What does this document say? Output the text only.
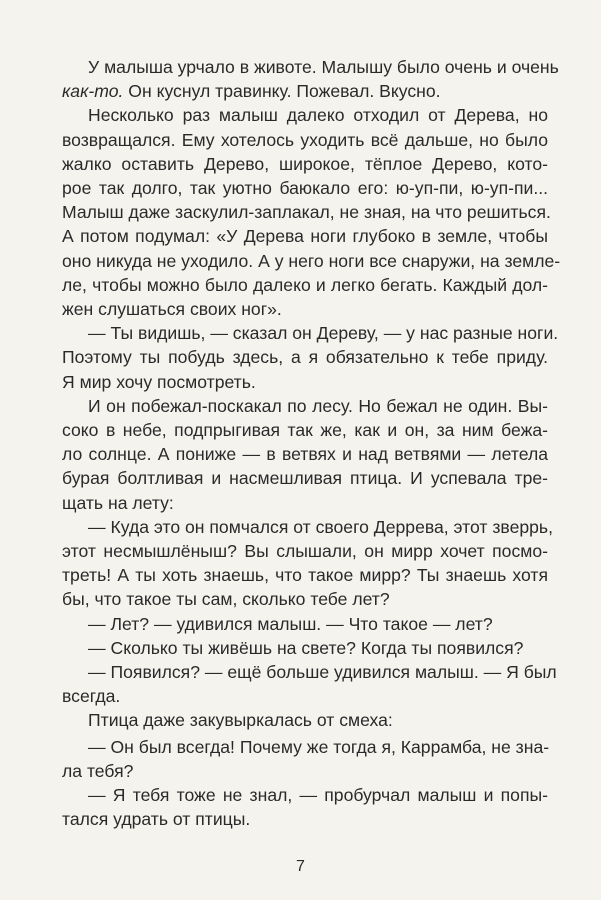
У малыша урчало в животе. Малышу было очень и очень
как-то. Он куснул травинку. Пожевал. Вкусно.

Несколько раз малыш далеко отходил от Дерева, но
возвращался. Ему хотелось уходить всё дальше, но было
жалко оставить Дерево, широкое, тёплое Дерево, кото-
рое так долго, так уютно баюкало его: ю-уп-пи, ю-уп-пи...
Малыш даже заскулил-заплакал, не зная, на что решиться.
А потом подумал: «У Дерева ноги глубоко в земле, чтобы
оно никуда не уходило. А у него ноги все снаружи, на земле-
ле, чтобы можно было далеко и легко бегать. Каждый дол-
жен слушаться своих ног».

— Ты видишь, — сказал он Дереву, — у нас разные ноги.
Поэтому ты побудь здесь, а я обязательно к тебе приду.
Я мир хочу посмотреть.

И он побежал-поскакал по лесу. Но бежал не один. Вы-
соко в небе, подпрыгивая так же, как и он, за ним бежа-
ло солнце. А пониже — в ветвях и над ветвями — летела
бурая болтливая и насмешливая птица. И успевала тре-
щать на лету:

— Куда это он помчался от своего Деррева, этот зверрь,
этот несмышлёныш? Вы слышали, он мирр хочет посмо-
треть! А ты хоть знаешь, что такое мирр? Ты знаешь хотя
бы, что такое ты сам, сколько тебе лет?

— Лет? — удивился малыш. — Что такое — лет?

— Сколько ты живёшь на свете? Когда ты появился?

— Появился? — ещё больше удивился малыш. — Я был
всегда.

Птица даже закувыркалась от смеха:

— Он был всегда! Почему же тогда я, Каррамба, не зна-
ла тебя?

— Я тебя тоже не знал, — пробурчал малыш и попы-
тался удрать от птицы.

7
